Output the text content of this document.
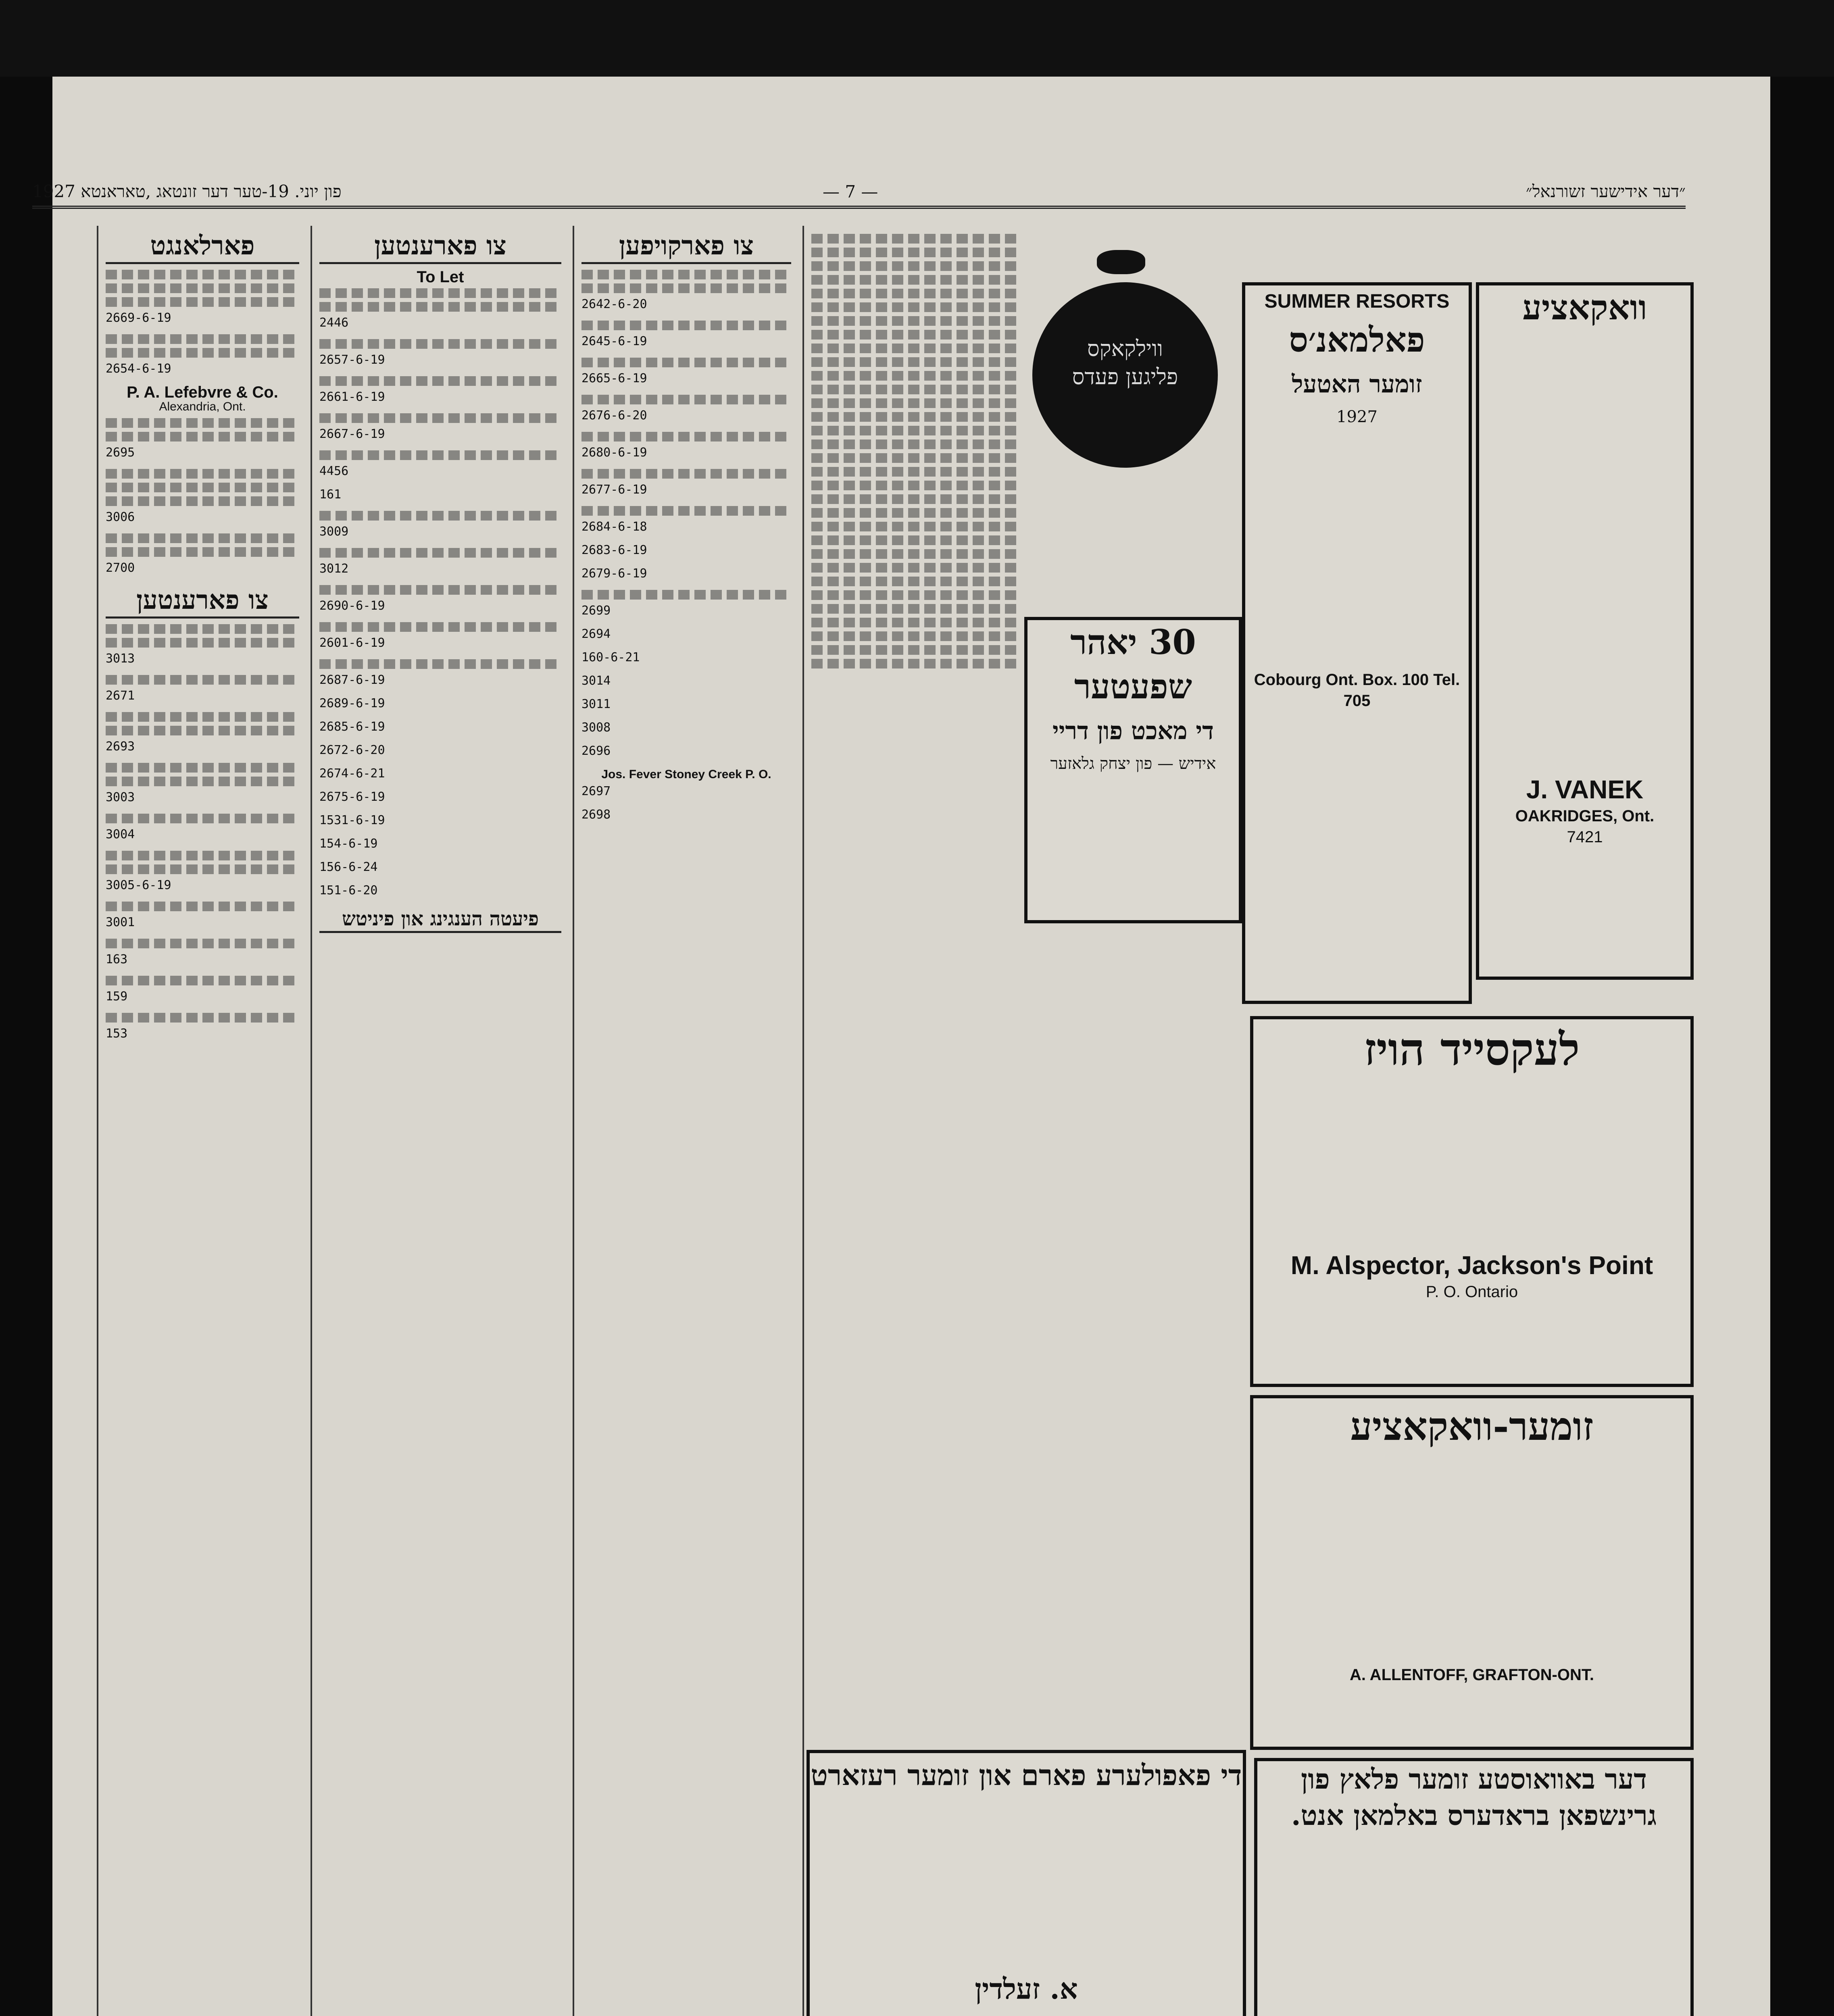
1927 פון יוני. 19-טער דער זונטאג ,טאראנטא	— 7 —	״דער אידישער זשורנאל״
פארלאנגט
2669-6-19
2654-6-19
P. A. Lefebvre & Co.
Alexandria, Ont.
2695
3006
2700
צו פארענטען
3013
2671
2693
3003
3004
3005-6-19
3001
163
159
153
צו פארענטען
To Let
2446
2657-6-19
2661-6-19
2667-6-19
4456
161
3009
3012
2690-6-19
2601-6-19
2687-6-19
2689-6-19
2685-6-19
2672-6-20
2674-6-21
2675-6-19
1531-6-19
154-6-19
156-6-24
151-6-20
פיעטה הענגינג און פיניטש
צו פארקויפען
2642-6-20
2645-6-19
2665-6-19
2676-6-20
2680-6-19
2677-6-19
2684-6-18
2683-6-19
2679-6-19
2699
2694
160-6-21
3014
3011
3008
2696
Jos. Fever Stoney Creek P. O.
2697
2698
ווילקאקס
פליגען פעדס
30 יאהר
שפעטער
די מאכט פון דריי
אידיש — פון יצחק גלאזער
SUMMER RESORTS
פאלמאנ׳ס
זומער האטעל
1927
Cobourg Ont. Box. 100 Tel. 705
וואקאציע
J. VANEK
OAKRIDGES, Ont.
7421
לעקסייד הויז
M. Alspector, Jackson's Point
P. O. Ontario
זומער-וואקאציע
A. ALLENTOFF, GRAFTON-ONT.
די פאפולערע פארם און זומער רעזארט
א. זעלדין
דער באוואוסטע זומער פלאץ פון
גרינשפאן בראדערס באלמאן אנט.
